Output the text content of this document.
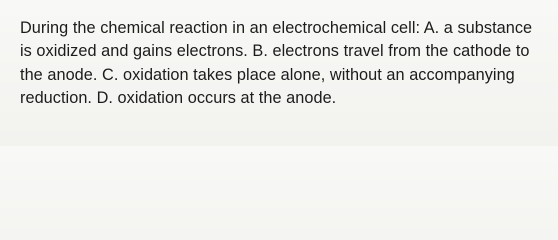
During the chemical reaction in an electrochemical cell: A. a substance is oxidized and gains electrons. B. electrons travel from the cathode to the anode. C. oxidation takes place alone, without an accompanying reduction. D. oxidation occurs at the anode.
